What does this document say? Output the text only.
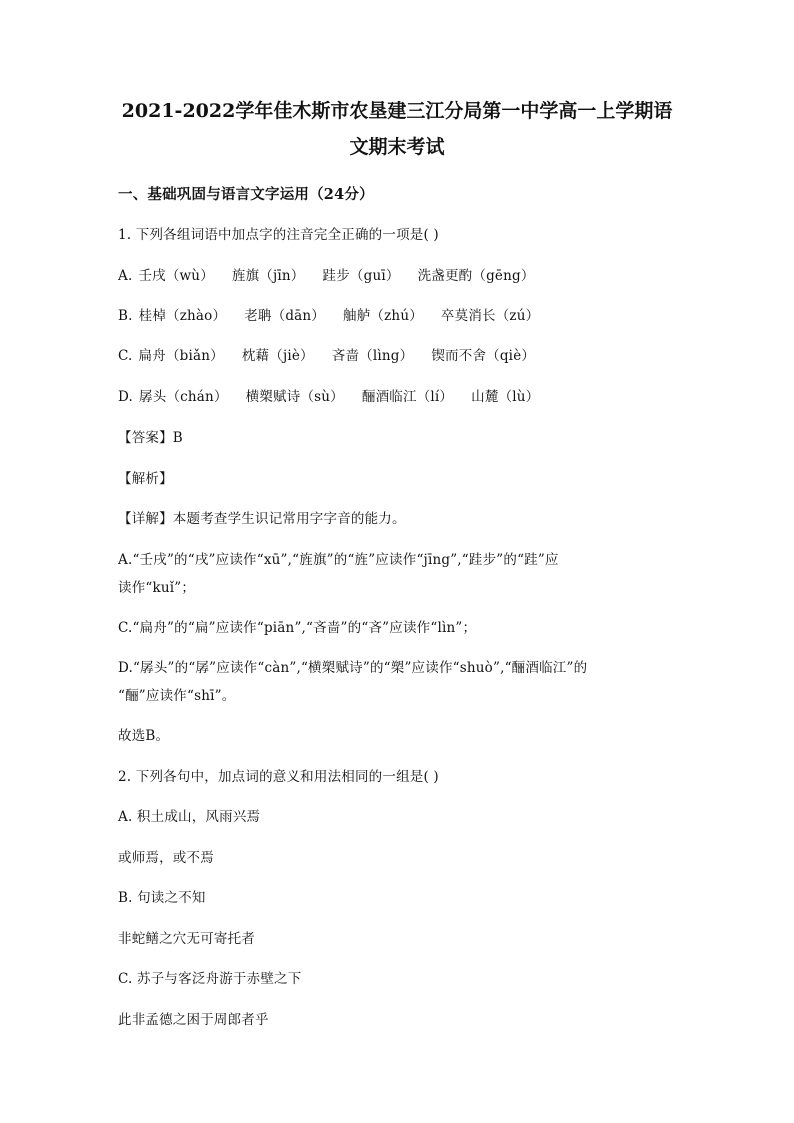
2021-2022学年佳木斯市农垦建三江分局第一中学高一上学期语
文期末考试
一、基础巩固与语言文字运用（24分）
1. 下列各组词语中加点字的注音完全正确的一项是( )
A. 壬戌（wù） 旌旗（jīn） 跬步（guī） 洗盏更酌（gēng）
B. 桂棹（zhào） 老聃（dān） 舳舻（zhú） 卒莫消长（zú）
C. 扁舟（biǎn） 枕藉（jiè） 吝啬（lìng） 锲而不舍（qiè）
D. 孱头（chán） 横槊赋诗（sù） 酾酒临江（lí） 山麓（lù）
【答案】B
【解析】
【详解】本题考查学生识记常用字字音的能力。
A.“壬戌”的“戌”应读作“xū”,“旌旗”的“旌”应读作“jīng”,“跬步”的“跬”应
读作“kuǐ”；
C.“扁舟”的“扁”应读作“piān”,“吝啬”的“吝”应读作“lìn”；
D.“孱头”的“孱”应读作“càn”,“横槊赋诗”的“槊”应读作“shuò”,“酾酒临江”的
“酾”应读作“shī”。
故选B。
2. 下列各句中，加点词的意义和用法相同的一组是( )
A. 积土成山，风雨兴焉
或师焉，或不焉
B. 句读之不知
非蛇鳝之穴无可寄托者
C. 苏子与客泛舟游于赤壁之下
此非孟德之困于周郎者乎
